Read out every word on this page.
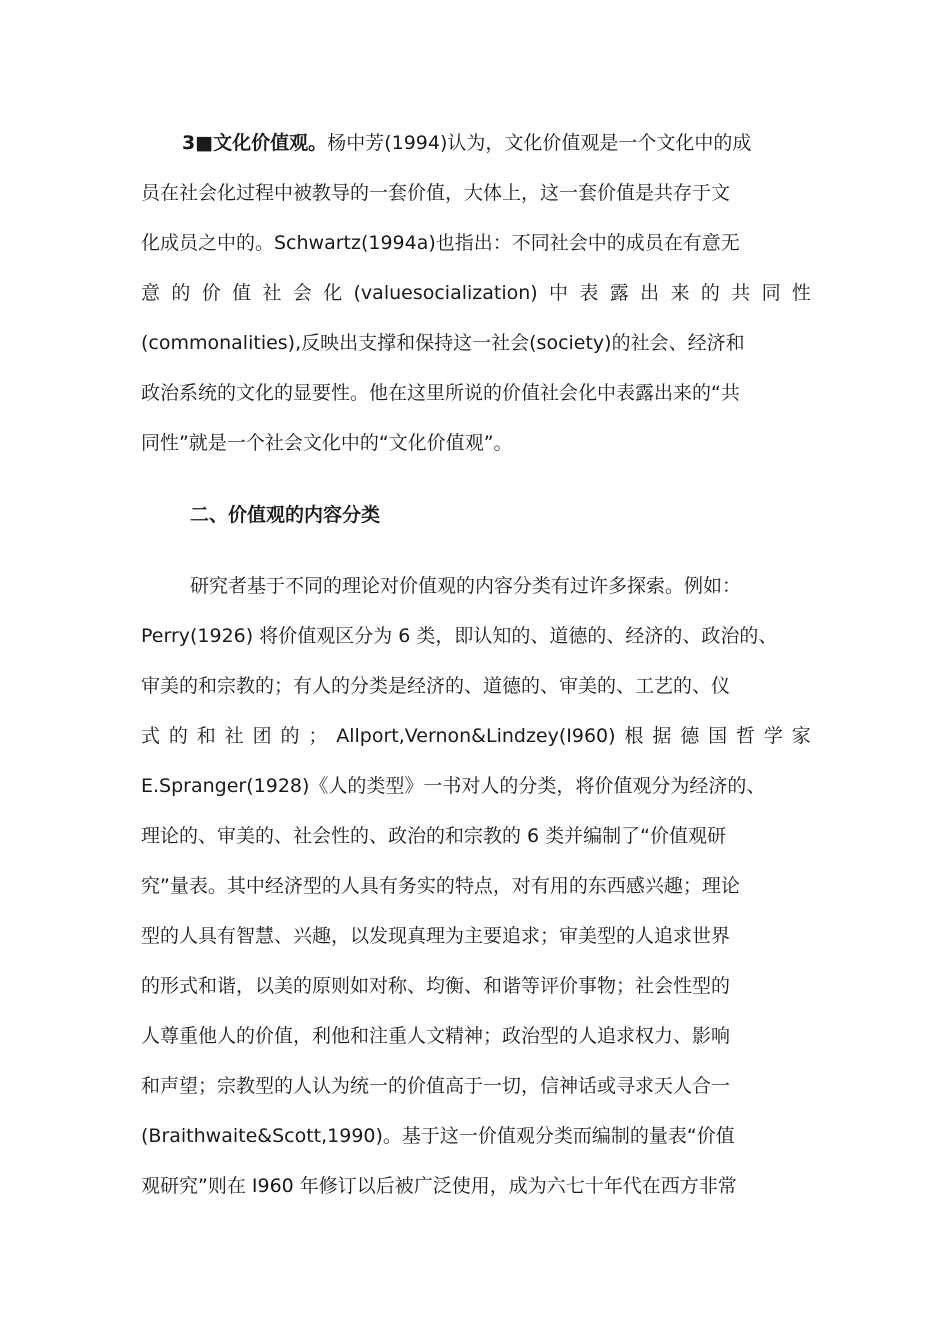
3■文化价值观。杨中芳(1994)认为，文化价值观是一个文化中的成
员在社会化过程中被教导的一套价值，大体上，这一套价值是共存于文
化成员之中的。Schwartz(1994a)也指出：不同社会中的成员在有意无
意 的 价 值 社 会 化 (valuesocialization) 中 表 露 出 来 的 共 同 性
(commonalities),反映出支撑和保持这一社会(society)的社会、经济和
政治系统的文化的显要性。他在这里所说的价值社会化中表露出来的“共
同性”就是一个社会文化中的“文化价值观”。
二、价值观的内容分类
研究者基于不同的理论对价值观的内容分类有过许多探索。例如：
Perry(1926) 将价值观区分为 6 类，即认知的、道德的、经济的、政治的、
审美的和宗教的；有人的分类是经济的、道德的、审美的、工艺的、仪
式 的 和 社 团 的 ； Allport,Vernon&Lindzey(I960) 根 据 德 国 哲 学 家
E.Spranger(1928)《人的类型》一书对人的分类，将价值观分为经济的、
理论的、审美的、社会性的、政治的和宗教的 6 类并编制了“价值观研
究”量表。其中经济型的人具有务实的特点，对有用的东西感兴趣；理论
型的人具有智慧、兴趣，以发现真理为主要追求；审美型的人追求世界
的形式和谐，以美的原则如对称、均衡、和谐等评价事物；社会性型的
人尊重他人的价值，利他和注重人文精神；政治型的人追求权力、影响
和声望；宗教型的人认为统一的价值高于一切，信神话或寻求天人合一
(Braithwaite&Scott,1990)。基于这一价值观分类而编制的量表“价值
观研究”则在 I960 年修订以后被广泛使用，成为六七十年代在西方非常
